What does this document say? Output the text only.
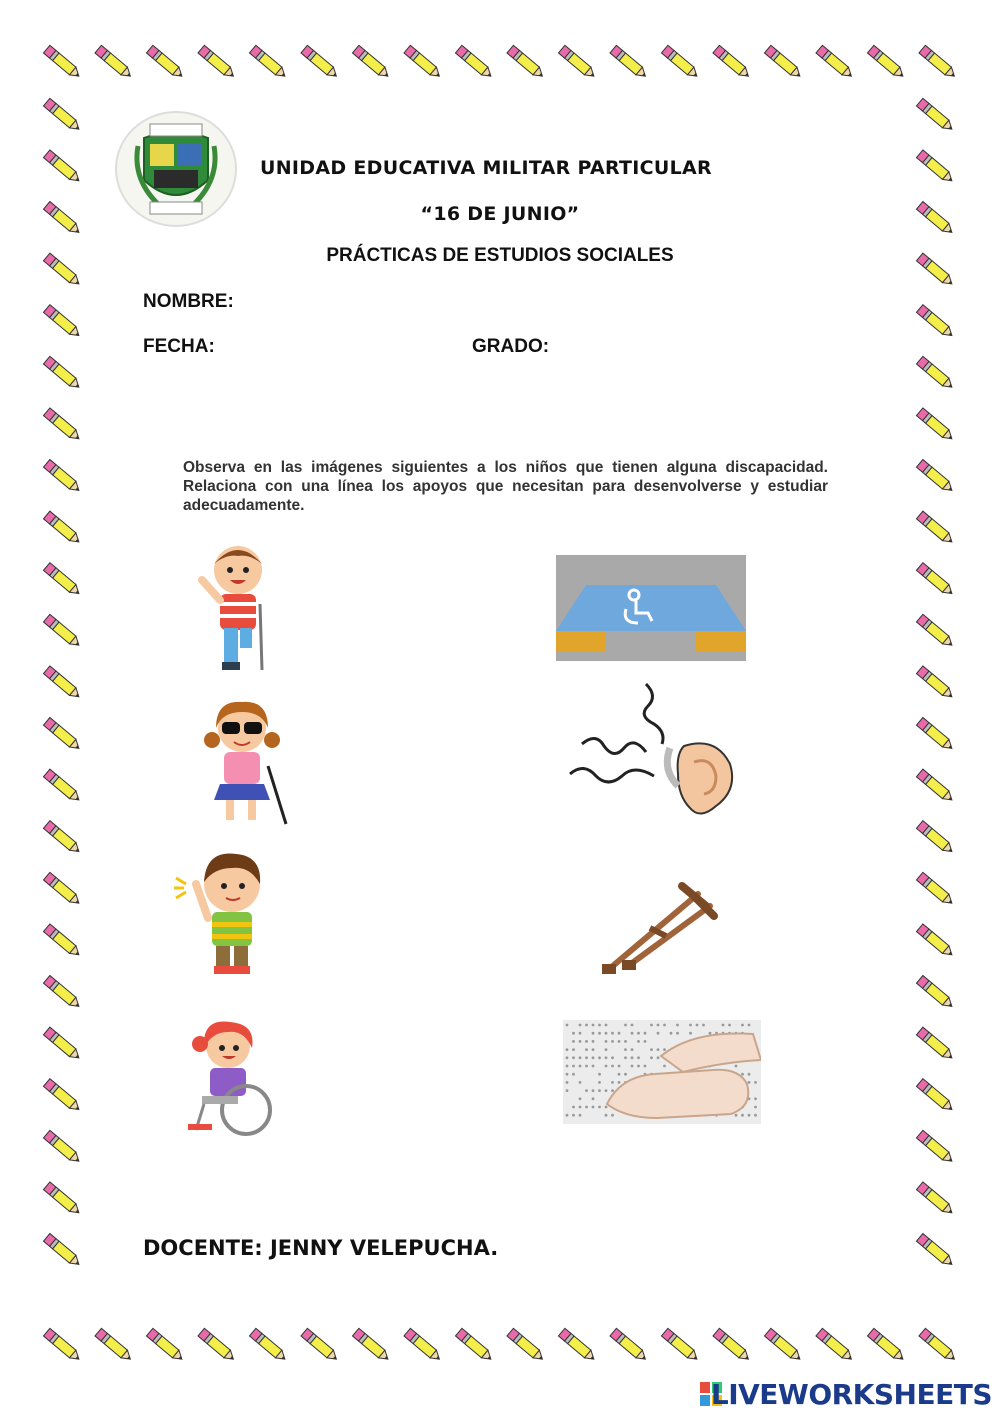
UNIDAD EDUCATIVA MILITAR PARTICULAR
“16 DE JUNIO”
PRÁCTICAS DE ESTUDIOS SOCIALES
NOMBRE:
FECHA:	GRADO:
Observa en las imágenes siguientes a los niños que tienen alguna discapacidad. Relaciona con una línea los apoyos que necesitan para desenvolverse y estudiar adecuadamente.
DOCENTE: JENNY VELEPUCHA.
LIVEWORKSHEETS
